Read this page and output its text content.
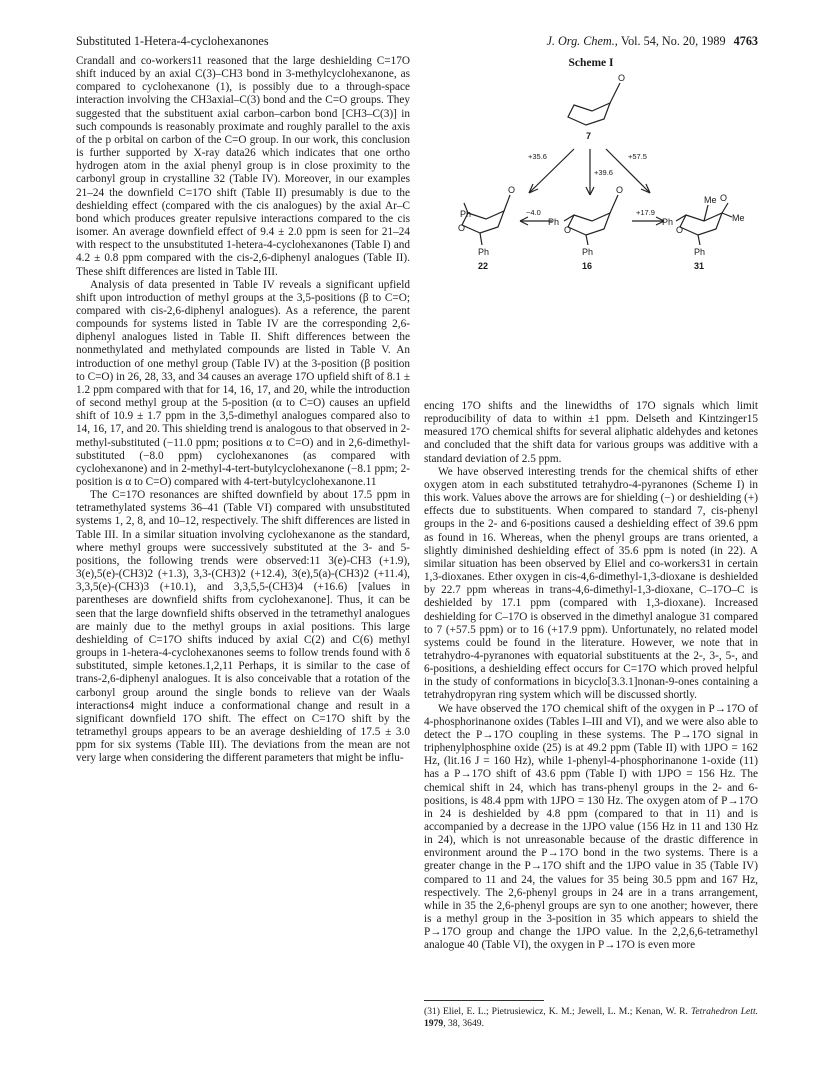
Substituted 1-Hetera-4-cyclohexanones	J. Org. Chem., Vol. 54, No. 20, 1989 4763

Crandall and co-workers11 reasoned that the large deshielding C=17O shift induced by an axial C(3)–CH3 bond in 3-methylcyclohexanone, as compared to cyclohexanone (1), is possibly due to a through-space interaction involving the CH3axial–C(3) bond and the C=O groups. They suggested that the substituent axial carbon–carbon bond [CH3–C(3)] in such compounds is reasonably proximate and roughly parallel to the axis of the p orbital on carbon of the C=O group. In our work, this conclusion is further supported by X-ray data26 which indicates that one ortho hydrogen atom in the axial phenyl group is in close proximity to the carbonyl group in crystalline 32 (Table IV). Moreover, in our examples 21–24 the downfield C=17O shift (Table II) presumably is due to the deshielding effect (compared with the cis analogues) by the axial Ar–C bond which produces greater repulsive interactions compared to the cis isomer. An average downfield effect of 9.4 ± 2.0 ppm is seen for 21–24 with respect to the unsubstituted 1-hetera-4-cyclohexanones (Table I) and 4.2 ± 0.8 ppm compared with the cis-2,6-diphenyl analogues (Table II). These shift differences are listed in Table III.

Analysis of data presented in Table IV reveals a significant upfield shift upon introduction of methyl groups at the 3,5-positions (β to C=O; compared with cis-2,6-diphenyl analogues). As a reference, the parent compounds for systems listed in Table IV are the corresponding 2,6-diphenyl analogues listed in Table II. Shift differences between the nonmethylated and methylated compounds are listed in Table V. An introduction of one methyl group (Table IV) at the 3-position (β position to C=O) in 26, 28, 33, and 34 causes an average 17O upfield shift of 8.1 ± 1.2 ppm compared with that for 14, 16, 17, and 20, while the introduction of second methyl group at the 5-position (α to C=O) causes an upfield shift of 10.9 ± 1.7 ppm in the 3,5-dimethyl analogues compared also to 14, 16, 17, and 20. This shielding trend is analogous to that observed in 2-methyl-substituted (−11.0 ppm; positions α to C=O) and in 2,6-dimethyl-substituted (−8.0 ppm) cyclohexanones (as compared with cyclohexanone) and in 2-methyl-4-tert-butylcyclohexanone (−8.1 ppm; 2-position is α to C=O) compared with 4-tert-butylcyclohexanone.11

The C=17O resonances are shifted downfield by about 17.5 ppm in tetramethylated systems 36–41 (Table VI) compared with unsubstituted systems 1, 2, 8, and 10–12, respectively. The shift differences are listed in Table III. In a similar situation involving cyclohexanone as the standard, where methyl groups were successively substituted at the 3- and 5-positions, the following trends were observed:11 3(e)-CH3 (+1.9), 3(e),5(e)-(CH3)2 (+1.3), 3,3-(CH3)2 (+12.4), 3(e),5(a)-(CH3)2 (+11.4), 3,3,5(e)-(CH3)3 (+10.1), and 3,3,5,5-(CH3)4 (+16.6) [values in parentheses are downfield shifts from cyclohexanone]. Thus, it can be seen that the large downfield shifts observed in the tetramethyl analogues are mainly due to the methyl groups in axial positions. This large deshielding of C=17O shifts induced by axial C(2) and C(6) methyl groups in 1-hetera-4-cyclohexanones seems to follow trends found with δ substituted, simple ketones.1,2,11 Perhaps, it is similar to the case of trans-2,6-diphenyl analogues. It is also conceivable that a rotation of the carbonyl group around the single bonds to relieve van der Waals interactions4 might induce a conformational change and result in a significant downfield 17O shift. The effect on C=17O shift by the tetramethyl groups appears to be an average deshielding of 17.5 ± 3.0 ppm for six systems (Table III). The deviations from the mean are not very large when considering the different parameters that might be influ-

Scheme I
O
Ph
O
O
Ph
Ph
O
O
Ph
Ph
O
Ph
Me O
Me
+35.6
+39.6
+57.5
−4.0	+17.9
7
22	16	31

encing 17O shifts and the linewidths of 17O signals which limit reproducibility of data to within ±1 ppm. Delseth and Kintzinger15 measured 17O chemical shifts for several aliphatic aldehydes and ketones and concluded that the shift data for various groups was additive with a standard deviation of 2.5 ppm.

We have observed interesting trends for the chemical shifts of ether oxygen atom in each substituted tetrahydro-4-pyranones (Scheme I) in this work. Values above the arrows are for shielding (−) or deshielding (+) effects due to substituents. When compared to standard 7, cis-phenyl groups in the 2- and 6-positions caused a deshielding effect of 39.6 ppm as found in 16. Whereas, when the phenyl groups are trans oriented, a slightly diminished deshielding effect of 35.6 ppm is noted (in 22). A similar situation has been observed by Eliel and co-workers31 in certain 1,3-dioxanes. Ether oxygen in cis-4,6-dimethyl-1,3-dioxane is deshielded by 22.7 ppm whereas in trans-4,6-dimethyl-1,3-dioxane, C–17O–C is deshielded by 17.1 ppm (compared with 1,3-dioxane). Increased deshielding for C–17O is observed in the dimethyl analogue 31 compared to 7 (+57.5 ppm) or to 16 (+17.9 ppm). Unfortunately, no related model systems could be found in the literature. However, we note that in tetrahydro-4-pyranones with equatorial substituents at the 2-, 3-, 5-, and 6-positions, a deshielding effect occurs for C=17O which proved helpful in the study of conformations in bicyclo[3.3.1]nonan-9-ones containing a tetrahydropyran ring system which will be discussed shortly.

We have observed the 17O chemical shift of the oxygen in P→17O of 4-phosphorinanone oxides (Tables I–III and VI), and we were also able to detect the P→17O coupling in these systems. The P→17O signal in triphenylphosphine oxide (25) is at 49.2 ppm (Table II) with 1JPO = 162 Hz, (lit.16 J = 160 Hz), while 1-phenyl-4-phosphorinanone 1-oxide (11) has a P→17O shift of 43.6 ppm (Table I) with 1JPO = 156 Hz. The chemical shift in 24, which has trans-phenyl groups in the 2- and 6-positions, is 48.4 ppm with 1JPO = 130 Hz. The oxygen atom of P→17O in 24 is deshielded by 4.8 ppm (compared to that in 11) and is accompanied by a decrease in the 1JPO value (156 Hz in 11 and 130 Hz in 24), which is not unreasonable because of the drastic difference in environment around the P→17O bond in the two systems. There is a greater change in the P→17O shift and the 1JPO value in 35 (Table IV) compared to 11 and 24, the values for 35 being 30.5 ppm and 167 Hz, respectively. The 2,6-phenyl groups in 24 are in a trans arrangement, while in 35 the 2,6-phenyl groups are syn to one another; however, there is a methyl group in the 3-position in 35 which appears to shield the P→17O group and change the 1JPO value. In the 2,2,6,6-tetramethyl analogue 40 (Table VI), the oxygen in P→17O is even more

(31) Eliel, E. L.; Pietrusiewicz, K. M.; Jewell, L. M.; Kenan, W. R. Tetrahedron Lett. 1979, 38, 3649.
